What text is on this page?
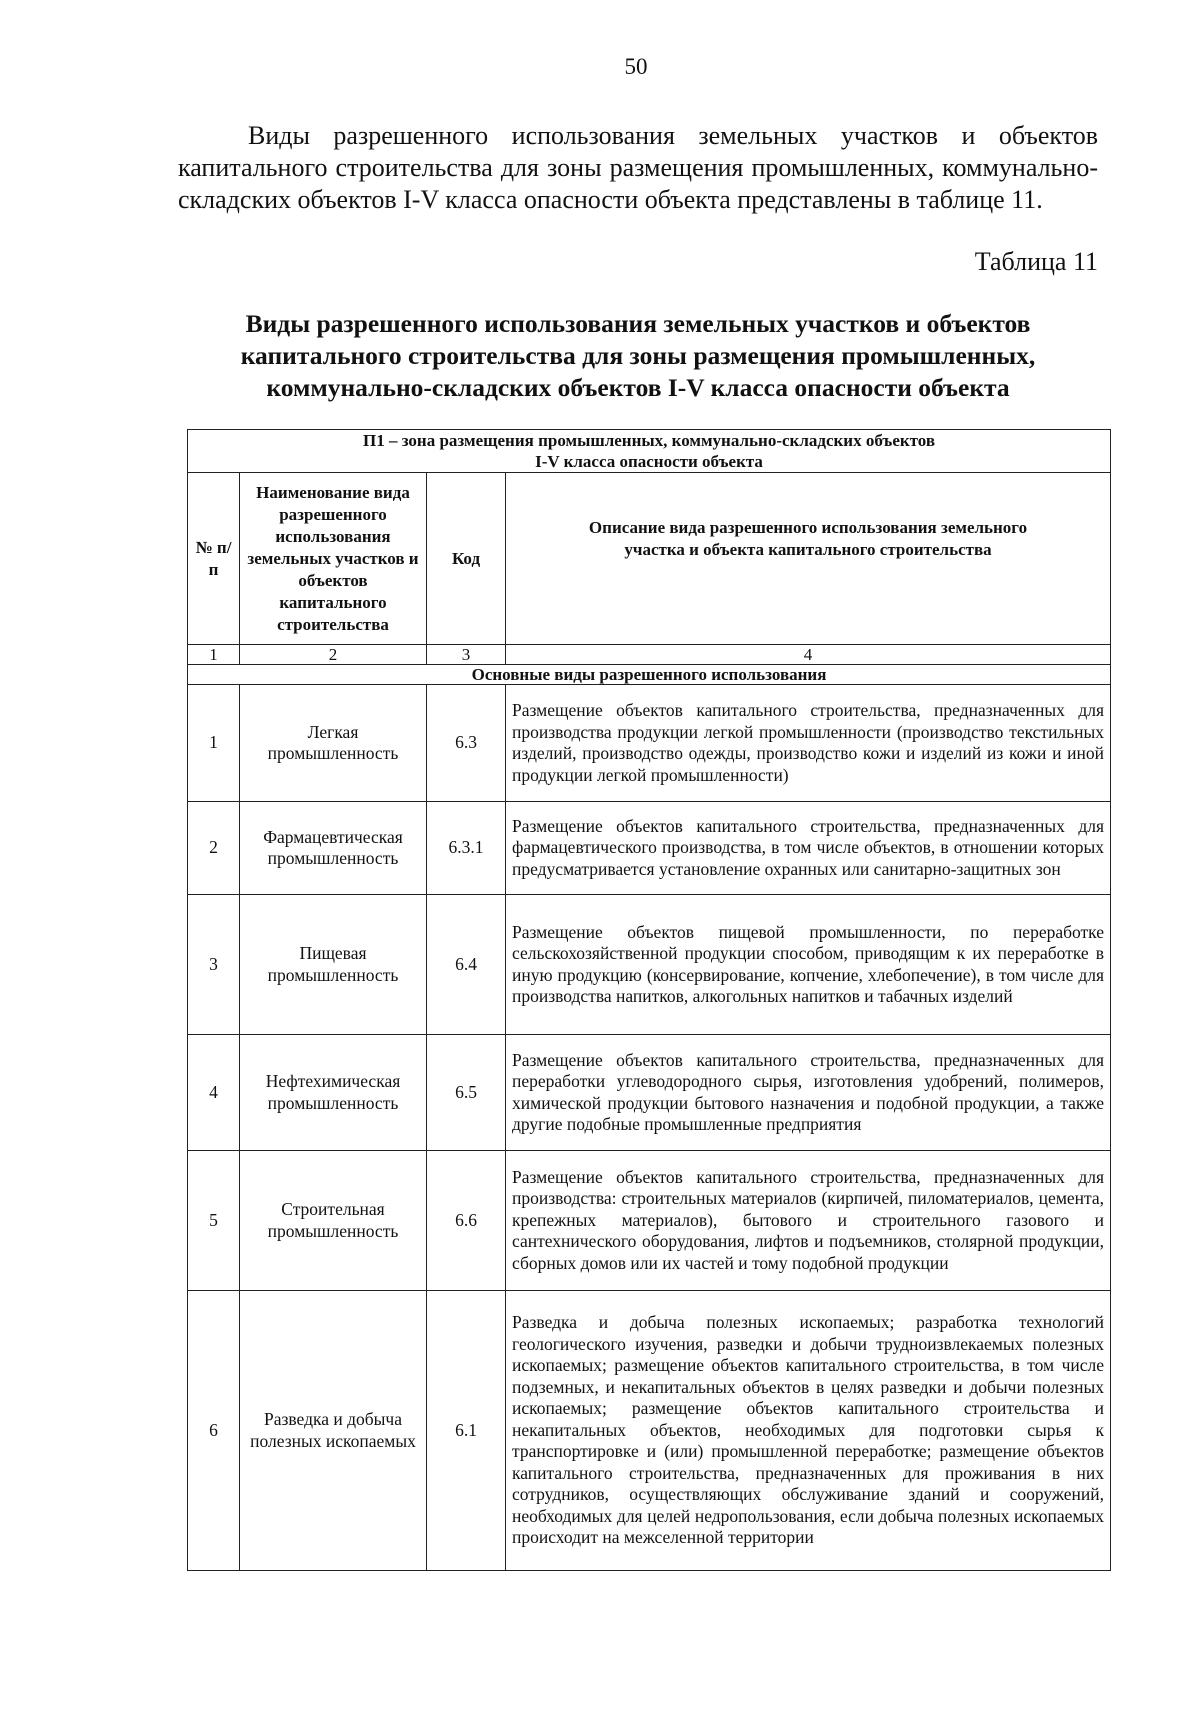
50
Виды разрешенного использования земельных участков и объектов капитального строительства для зоны размещения промышленных, коммунально-складских объектов I-V класса опасности объекта представлены в таблице 11.
Таблица 11
Виды разрешенного использования земельных участков и объектов
капитального строительства для зоны размещения промышленных,
коммунально-складских объектов I-V класса опасности объекта
П1 – зона размещения промышленных, коммунально-складских объектов
I-V класса опасности объекта			

№ п/п	Наименование вида разрешенного использования земельных участков и объектов капитального строительства	Код	Описание вида разрешенного использования земельного участка и объекта капитального строительства
1	2	3	4
Основные виды разрешенного использования			
1	Легкая промышленность	6.3	Размещение объектов капитального строительства, предназначенных для производства продукции легкой промышленности (производство текстильных изделий, производство одежды, производство кожи и изделий из кожи и иной продукции легкой промышленности)
2	Фармацевтическая промышленность	6.3.1	Размещение объектов капитального строительства, предназначенных для фармацевтического производства, в том числе объектов, в отношении которых предусматривается установление охранных или санитарно-защитных зон
3	Пищевая промышленность	6.4	Размещение объектов пищевой промышленности, по переработке сельскохозяйственной продукции способом, приводящим к их переработке в иную продукцию (консервирование, копчение, хлебопечение), в том числе для производства напитков, алкогольных напитков и табачных изделий
4	Нефтехимическая промышленность	6.5	Размещение объектов капитального строительства, предназначенных для переработки углеводородного сырья, изготовления удобрений, полимеров, химической продукции бытового назначения и подобной продукции, а также другие подобные промышленные предприятия
5	Строительная промышленность	6.6	Размещение объектов капитального строительства, предназначенных для производства: строительных материалов (кирпичей, пиломатериалов, цемента, крепежных материалов), бытового и строительного газового и сантехнического оборудования, лифтов и подъемников, столярной продукции, сборных домов или их частей и тому подобной продукции
6	Разведка и добыча полезных ископаемых	6.1	Разведка и добыча полезных ископаемых; разработка технологий геологического изучения, разведки и добычи трудноизвлекаемых полезных ископаемых; размещение объектов капитального строительства, в том числе подземных, и некапитальных объектов в целях разведки и добычи полезных ископаемых; размещение объектов капитального строительства и некапитальных объектов, необходимых для подготовки сырья к транспортировке и (или) промышленной переработке; размещение объектов капитального строительства, предназначенных для проживания в них сотрудников, осуществляющих обслуживание зданий и сооружений, необходимых для целей недропользования, если добыча полезных ископаемых происходит на межселенной территории
